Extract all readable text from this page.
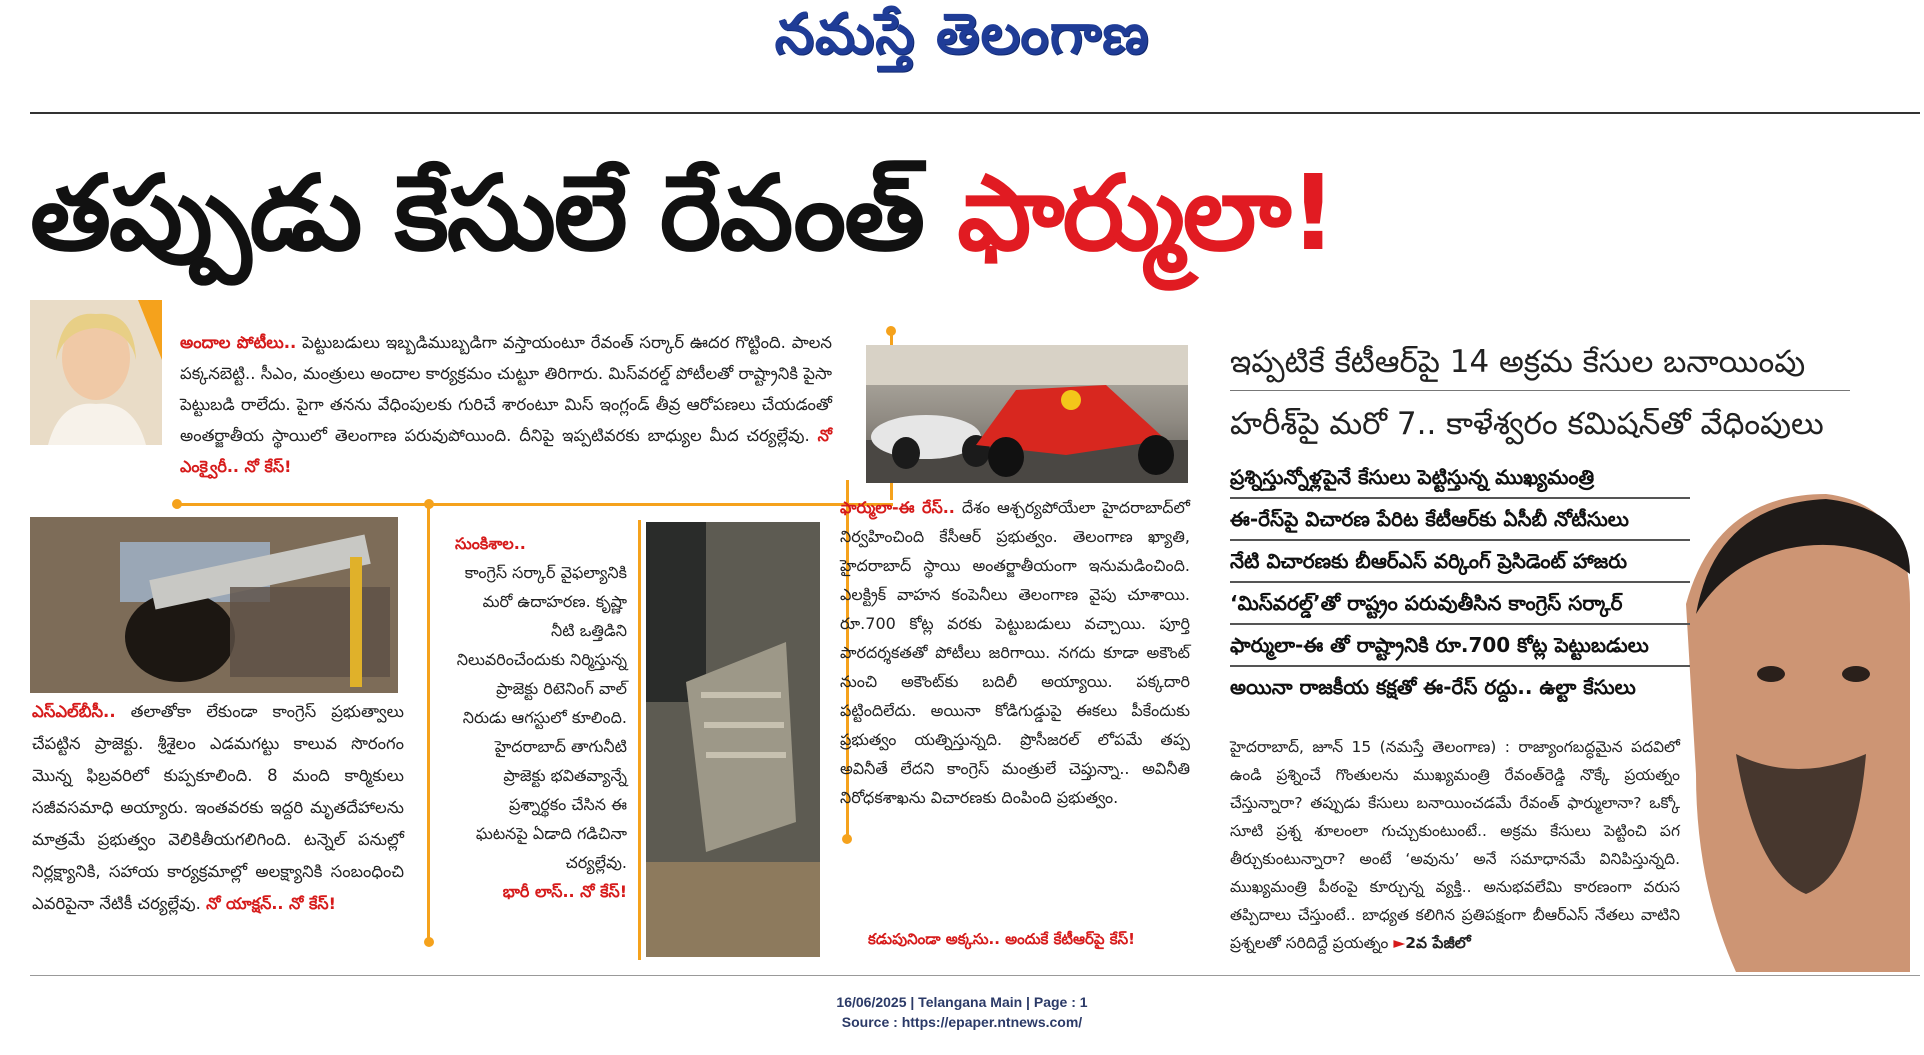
నమస్తే తెలంగాణ
తప్పుడు కేసులే రేవంత్ ఫార్ములా!
అందాల పోటీలు.. పెట్టుబడులు ఇబ్బడిముబ్బడిగా వస్తాయంటూ రేవంత్ సర్కార్ ఊదర గొట్టింది. పాలన పక్కనబెట్టి.. సీఎం, మంత్రులు అందాల కార్యక్రమం చుట్టూ తిరిగారు. మిస్‌వరల్డ్ పోటీలతో రాష్ట్రానికి పైసా పెట్టుబడి రాలేదు. పైగా తనను వేధింపులకు గురిచే శారంటూ మిస్ ఇంగ్లండ్ తీవ్ర ఆరోపణలు చేయడంతో అంతర్జాతీయ స్థాయిలో తెలంగాణ పరువుపోయింది. దీనిపై ఇప్పటివరకు బాధ్యుల మీద చర్యల్లేవు. నో ఎంక్వైరీ.. నో కేస్!
ఎస్‌ఎల్‌బీసీ.. తలాతోకా లేకుండా కాంగ్రెస్ ప్రభుత్వాలు చేపట్టిన ప్రాజెక్టు. శ్రీశైలం ఎడమగట్టు కాలువ సొరంగం మొన్న ఫిబ్రవరిలో కుప్పకూలింది. 8 మంది కార్మికులు సజీవసమాధి అయ్యారు. ఇంతవరకు ఇద్దరి మృతదేహాలను మాత్రమే ప్రభుత్వం వెలికితీయగలిగింది. టన్నెల్ పనుల్లో నిర్లక్ష్యానికి, సహాయ కార్యక్రమాల్లో అలక్ష్యానికి సంబంధించి ఎవరిపైనా నేటికీ చర్యల్లేవు. నో యాక్షన్.. నో కేస్!
సుంకిశాల..
కాంగ్రెస్ సర్కార్ వైఫల్యానికి మరో ఉదాహరణ. కృష్ణా నీటి ఒత్తిడిని నిలువరించేందుకు నిర్మిస్తున్న ప్రాజెక్టు రిటెనింగ్ వాల్ నిరుడు ఆగస్టులో కూలింది. హైదరాబాద్ తాగునీటి ప్రాజెక్టు భవితవ్యాన్నే ప్రశ్నార్థకం చేసిన ఈ ఘటనపై ఏడాది గడిచినా చర్యల్లేవు.
భారీ లాస్.. నో కేస్!
ఫార్ములా-ఈ రేస్.. దేశం ఆశ్చర్యపోయేలా హైదరాబాద్‌లో నిర్వహించింది కేసీఆర్ ప్రభుత్వం. తెలంగాణ ఖ్యాతి, హైదరాబాద్ స్థాయి అంతర్జాతీయంగా ఇనుమడించింది. ఎలక్ట్రిక్ వాహన కంపెనీలు తెలంగాణ వైపు చూశాయి. రూ.700 కోట్ల వరకు పెట్టుబడులు వచ్చాయి. పూర్తి పారదర్శకతతో పోటీలు జరిగాయి. నగదు కూడా అకౌంట్ నుంచి అకౌంట్‌కు బదిలీ అయ్యాయి. పక్కదారి పట్టిందిలేదు. అయినా కోడిగుడ్డుపై ఈకలు పీకేందుకు ప్రభుత్వం యత్నిస్తున్నది. ప్రొసీజరల్ లోపమే తప్ప అవినీతే లేదని కాంగ్రెస్ మంత్రులే చెప్తున్నా.. అవినీతి నిరోధకశాఖను విచారణకు దింపింది ప్రభుత్వం.
కడుపునిండా అక్కసు.. అందుకే కేటీఆర్‌పై కేస్!
ఇప్పటికే కేటీఆర్‌పై 14 అక్రమ కేసుల బనాయింపు
హరీశ్‌పై మరో 7.. కాళేశ్వరం కమిషన్‌తో వేధింపులు
ప్రశ్నిస్తున్నోళ్లపైనే కేసులు పెట్టిస్తున్న ముఖ్యమంత్రి
ఈ-రేస్‌పై విచారణ పేరిట కేటీఆర్‌కు ఏసీబీ నోటీసులు
నేటి విచారణకు బీఆర్‌ఎస్ వర్కింగ్ ప్రెసిడెంట్ హాజరు
‘మిస్‌వరల్డ్’తో రాష్ట్రం పరువుతీసిన కాంగ్రెస్ సర్కార్
ఫార్ములా-ఈ తో రాష్ట్రానికి రూ.700 కోట్ల పెట్టుబడులు
అయినా రాజకీయ కక్షతో ఈ-రేస్ రద్దు.. ఉల్టా కేసులు
హైదరాబాద్, జూన్ 15 (నమస్తే తెలంగాణ) : రాజ్యాంగబద్ధమైన పదవిలో ఉండి ప్రశ్నించే గొంతులను ముఖ్యమంత్రి రేవంత్‌రెడ్డి నొక్కే ప్రయత్నం చేస్తున్నారా? తప్పుడు కేసులు బనాయించడమే రేవంత్ ఫార్ములానా? ఒక్కో సూటి ప్రశ్న శూలంలా గుచ్చుకుంటుంటే.. అక్రమ కేసులు పెట్టించి పగ తీర్చుకుంటున్నారా? అంటే ‘అవును’ అనే సమాధానమే వినిపిస్తున్నది. ముఖ్యమంత్రి పీఠంపై కూర్చున్న వ్యక్తి.. అనుభవలేమి కారణంగా వరుస తప్పిదాలు చేస్తుంటే.. బాధ్యత కలిగిన ప్రతిపక్షంగా బీఆర్‌ఎస్ నేతలు వాటిని ప్రశ్నలతో సరిదిద్దే ప్రయత్నం ►2వ పేజీలో
16/06/2025 | Telangana Main | Page : 1
Source : https://epaper.ntnews.com/
